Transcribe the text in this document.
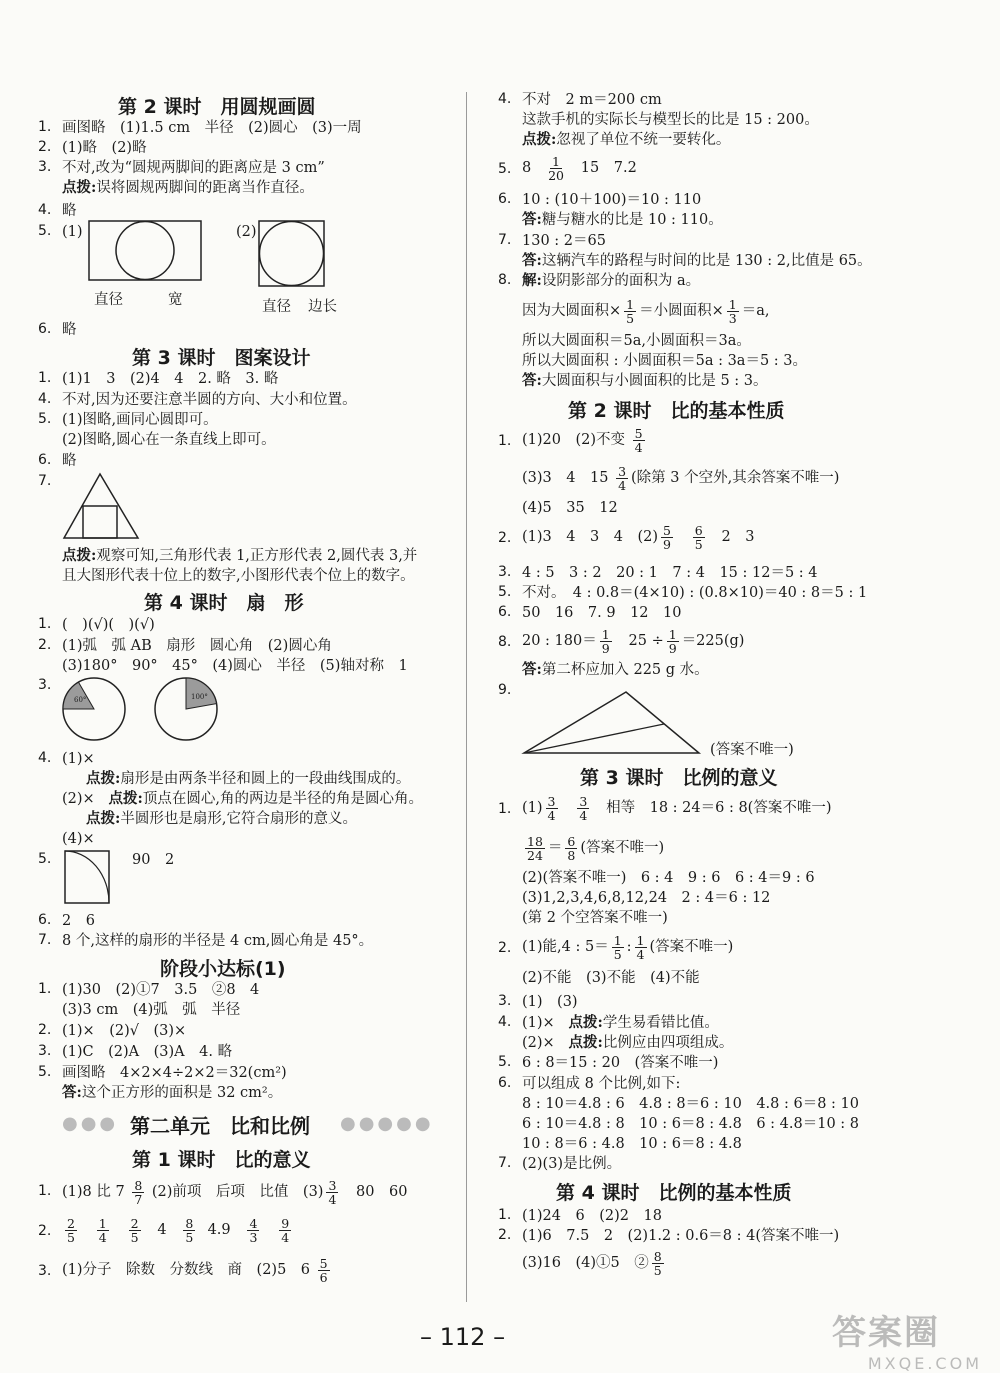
第 2 课时　用圆规画圆
1. 画图略　(1)1.5 cm　半径　(2)圆心　(3)一周
2. (1)略　(2)略
3. 不对,改为“圆规两脚间的距离应是 3 cm”
点拨:误将圆规两脚间的距离当作直径。
4. 略
5. (1)	(2)
直径	宽	直径 边长
6. 略
第 3 课时　图案设计
1. (1)1　3　(2)4　4　2. 略　3. 略
4. 不对,因为还要注意半圆的方向、大小和位置。
5. (1)图略,画同心圆即可。
(2)图略,圆心在一条直线上即可。
6. 略
7.
点拨:观察可知,三角形代表 1,正方形代表 2,圆代表 3,并
且大图形代表十位上的数字,小图形代表个位上的数字。
第 4 课时　扇　形
1. (　)(√)(　)(√)
2. (1)弧　弧 AB　扇形　圆心角　(2)圆心角
(3)180°　90°　45°　(4)圆心　半径　(5)轴对称　1
3.
60°	100°
4. (1)×
点拨:扇形是由两条半径和圆上的一段曲线围成的。
(2)× 点拨:顶点在圆心,角的两边是半径的角是圆心角。
点拨:半圆形也是扇形,它符合扇形的意义。
(4)×
5.	90　2
6. 2　6
7. 8 个,这样的扇形的半径是 4 cm,圆心角是 45°。
阶段小达标(1)
1. (1)30　(2)①7　3.5　②8　4
(3)3 cm　(4)弧　弧　半径
2. (1)×　(2)√　(3)×
3. (1)C　(2)A　(3)A　4. 略
5. 画图略　4×2×4÷2×2＝32(cm²)
答:这个正方形的面积是 32 cm²。
●●● 第二单元　比和比例 ●●●●●
第 1 课时　比的意义
1. (1)8 比 $7 \frac{8}{7} (2)$前项　后项　比值　$(3) \frac{3}{4} 80$　60
2. $\frac{2}{5}$
$\frac{1}{4}$
$\frac{2}{5} 4 \frac{8}{5} 4.9 \frac{4}{3}$
$\frac{9}{4}$
3. (1)分子　除数　分数线　商　(2)5　$6 \frac{5}{6}$
4. 不对　2 m＝200 cm
这款手机的实际长与模型长的比是 15 : 200。
点拨:忽视了单位不统一要转化。
5. $8 \frac{1}{20} 15$　7.2
6. 10 : (10＋100)＝10 : 110
答:糖与糖水的比是 10 : 110。
7. 130 : 2＝65
答:这辆汽车的路程与时间的比是 130 : 2,比值是 65。
8. 解:设阴影部分的面积为 a。
因为大圆面积× $\frac{1}{5}$ ＝小圆面积× $\frac{1}{3} =a$,
所以大圆面积＝5a,小圆面积＝3a。
所以大圆面积 : 小圆面积＝5a : 3a＝5 : 3。
答:大圆面积与小圆面积的比是 5 : 3。
第 2 课时　比的基本性质
1. (1)20　(2)不变 $\frac{5}{4}$
(3)3　4　$15 \frac{3}{4}$ (除第 3 个空外,其余答案不唯一)
(4)5　35　12
2. (1)3　4　3　4　$(2) \frac{5}{9}$
$\frac{6}{5} 2$　3
3. 4 : 5　3 : 2　20 : 1　7 : 4　15 : 12＝5 : 4
5. 不对。　4 : 0.8＝(4×10) : (0.8×10)＝40 : 8＝5 : 1
6. 50　16　7. 9　12　10
8. 20 : $180= \frac{1}{9} 25 \div \frac{1}{9} =225(g)$
答:第二杯应加入 225 g 水。
9.
(答案不唯一)
第 3 课时　比例的意义
1. $(1) \frac{3}{4}$
$\frac{3}{4}$ 相等　18 : 24＝6 : 8(答案不唯一)
$\frac{18}{24} = \frac{6}{8}$ (答案不唯一)
(2)(答案不唯一)　6 : 4　9 : 6　6 : 4＝9 : 6
(3)1,2,3,4,6,8,12,24　2 : 4＝6 : 12
(第 2 个空答案不唯一)
2. (1)能,4 : $5= \frac{1}{5}$ : $\frac{1}{4}$ (答案不唯一)
(2)不能　(3)不能　(4)不能
3. (1)　(3)
4. (1)× 点拨:学生易看错比值。
(2)× 点拨:比例应由四项组成。
5. 6 : 8＝15 : 20　(答案不唯一)
6. 可以组成 8 个比例,如下:
8 : 10＝4.8 : 6　4.8 : 8＝6 : 10　4.8 : 6＝8 : 10
6 : 10＝4.8 : 8　10 : 6＝8 : 4.8　6 : 4.8＝10 : 8
10 : 8＝6 : 4.8　10 : 6＝8 : 4.8
7. (2)(3)是比例。
第 4 课时　比例的基本性质
1. (1)24　6　(2)2　18
2. (1)6　7.5　2　(2)1.2 : 0.6＝8 : 4(答案不唯一)
(3)16　(4)①5　② $\frac{8}{5}$
– 112 –	答案圈
MXQE.COM
